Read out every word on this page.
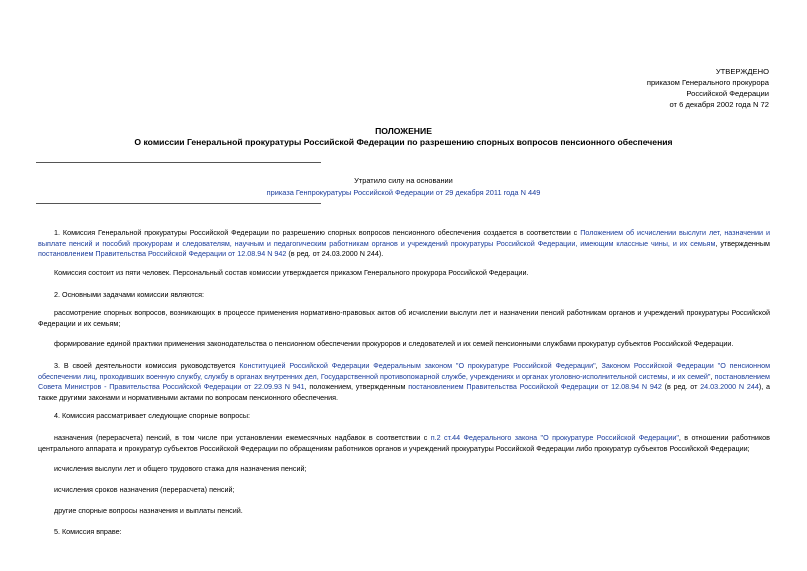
УТВЕРЖДЕНО
приказом Генерального прокурора
Российской Федерации
от 6 декабря 2002 года N 72
ПОЛОЖЕНИЕ
О комиссии Генеральной прокуратуры Российской Федерации по разрешению спорных вопросов пенсионного обеспечения
Утратило силу на основании
приказа Генпрокуратуры Российской Федерации от 29 декабря 2011 года N 449

1. Комиссия Генеральной прокуратуры Российской Федерации по разрешению спорных вопросов пенсионного обеспечения создается в соответствии с Положением об исчислении выслуги лет, назначении и выплате пенсий и пособий прокурорам и следователям, научным и педагогическим работникам органов и учреждений прокуратуры Российской Федерации, имеющим классные чины, и их семьям, утвержденным постановлением Правительства Российской Федерации от 12.08.94 N 942 (в ред. от 24.03.2000 N 244).

Комиссия состоит из пяти человек. Персональный состав комиссии утверждается приказом Генерального прокурора Российской Федерации.

2. Основными задачами комиссии являются:

рассмотрение спорных вопросов, возникающих в процессе применения нормативно-правовых актов об исчислении выслуги лет и назначении пенсий работникам органов и учреждений прокуратуры Российской Федерации и их семьям;

формирование единой практики применения законодательства о пенсионном обеспечении прокуроров и следователей и их семей пенсионными службами прокуратур субъектов Российской Федерации.

3. В своей деятельности комиссия руководствуется Конституцией Российской Федерации Федеральным законом "О прокуратуре Российской Федерации", Законом Российской Федерации "О пенсионном обеспечении лиц, проходивших военную службу, службу в органах внутренних дел, Государственной противопожарной службе, учреждениях и органах уголовно-исполнительной системы, и их семей", постановлением Совета Министров - Правительства Российской Федерации от 22.09.93 N 941, положением, утвержденным постановлением Правительства Российской Федерации от 12.08.94 N 942 (в ред. от 24.03.2000 N 244), а также другими законами и нормативными актами по вопросам пенсионного обеспечения.

4. Комиссия рассматривает следующие спорные вопросы:

назначения (перерасчета) пенсий, в том числе при установлении ежемесячных надбавок в соответствии с п.2 ст.44 Федерального закона "О прокуратуре Российской Федерации", в отношении работников центрального аппарата и прокуратур субъектов Российской Федерации по обращениям работников органов и учреждений прокуратуры Российской Федерации либо прокуратур субъектов Российской Федерации;

исчисления выслуги лет и общего трудового стажа для назначения пенсий;

исчисления сроков назначения (перерасчета) пенсий;

другие спорные вопросы назначения и выплаты пенсий.

5. Комиссия вправе:
